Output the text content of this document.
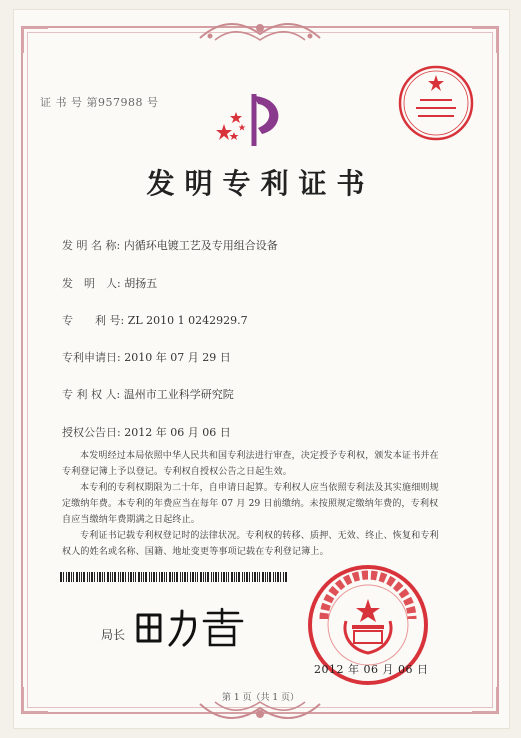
证 书 号 第957988 号
发明专利证书
发 明 名 称: 内循环电镀工艺及专用组合设备
发　明　人: 胡扬五
专　　利 号: ZL 2010 1 0242929.7
专利申请日: 2010 年 07 月 29 日
专 利 权 人: 温州市工业科学研究院
授权公告日: 2012 年 06 月 06 日
本发明经过本局依照中华人民共和国专利法进行审查，决定授予专利权，颁发本证书并在专利登记簿上予以登记。专利权自授权公告之日起生效。
本专利的专利权期限为二十年，自申请日起算。专利权人应当依照专利法及其实施细则规定缴纳年费。本专利的年费应当在每年 07 月 29 日前缴纳。未按照规定缴纳年费的，专利权自应当缴纳年费期满之日起终止。
专利证书记载专利权登记时的法律状况。专利权的转移、质押、无效、终止、恢复和专利权人的姓名或名称、国籍、地址变更等事项记载在专利登记簿上。
局长
2012 年 06 月 06 日
第 1 页（共 1 页）
